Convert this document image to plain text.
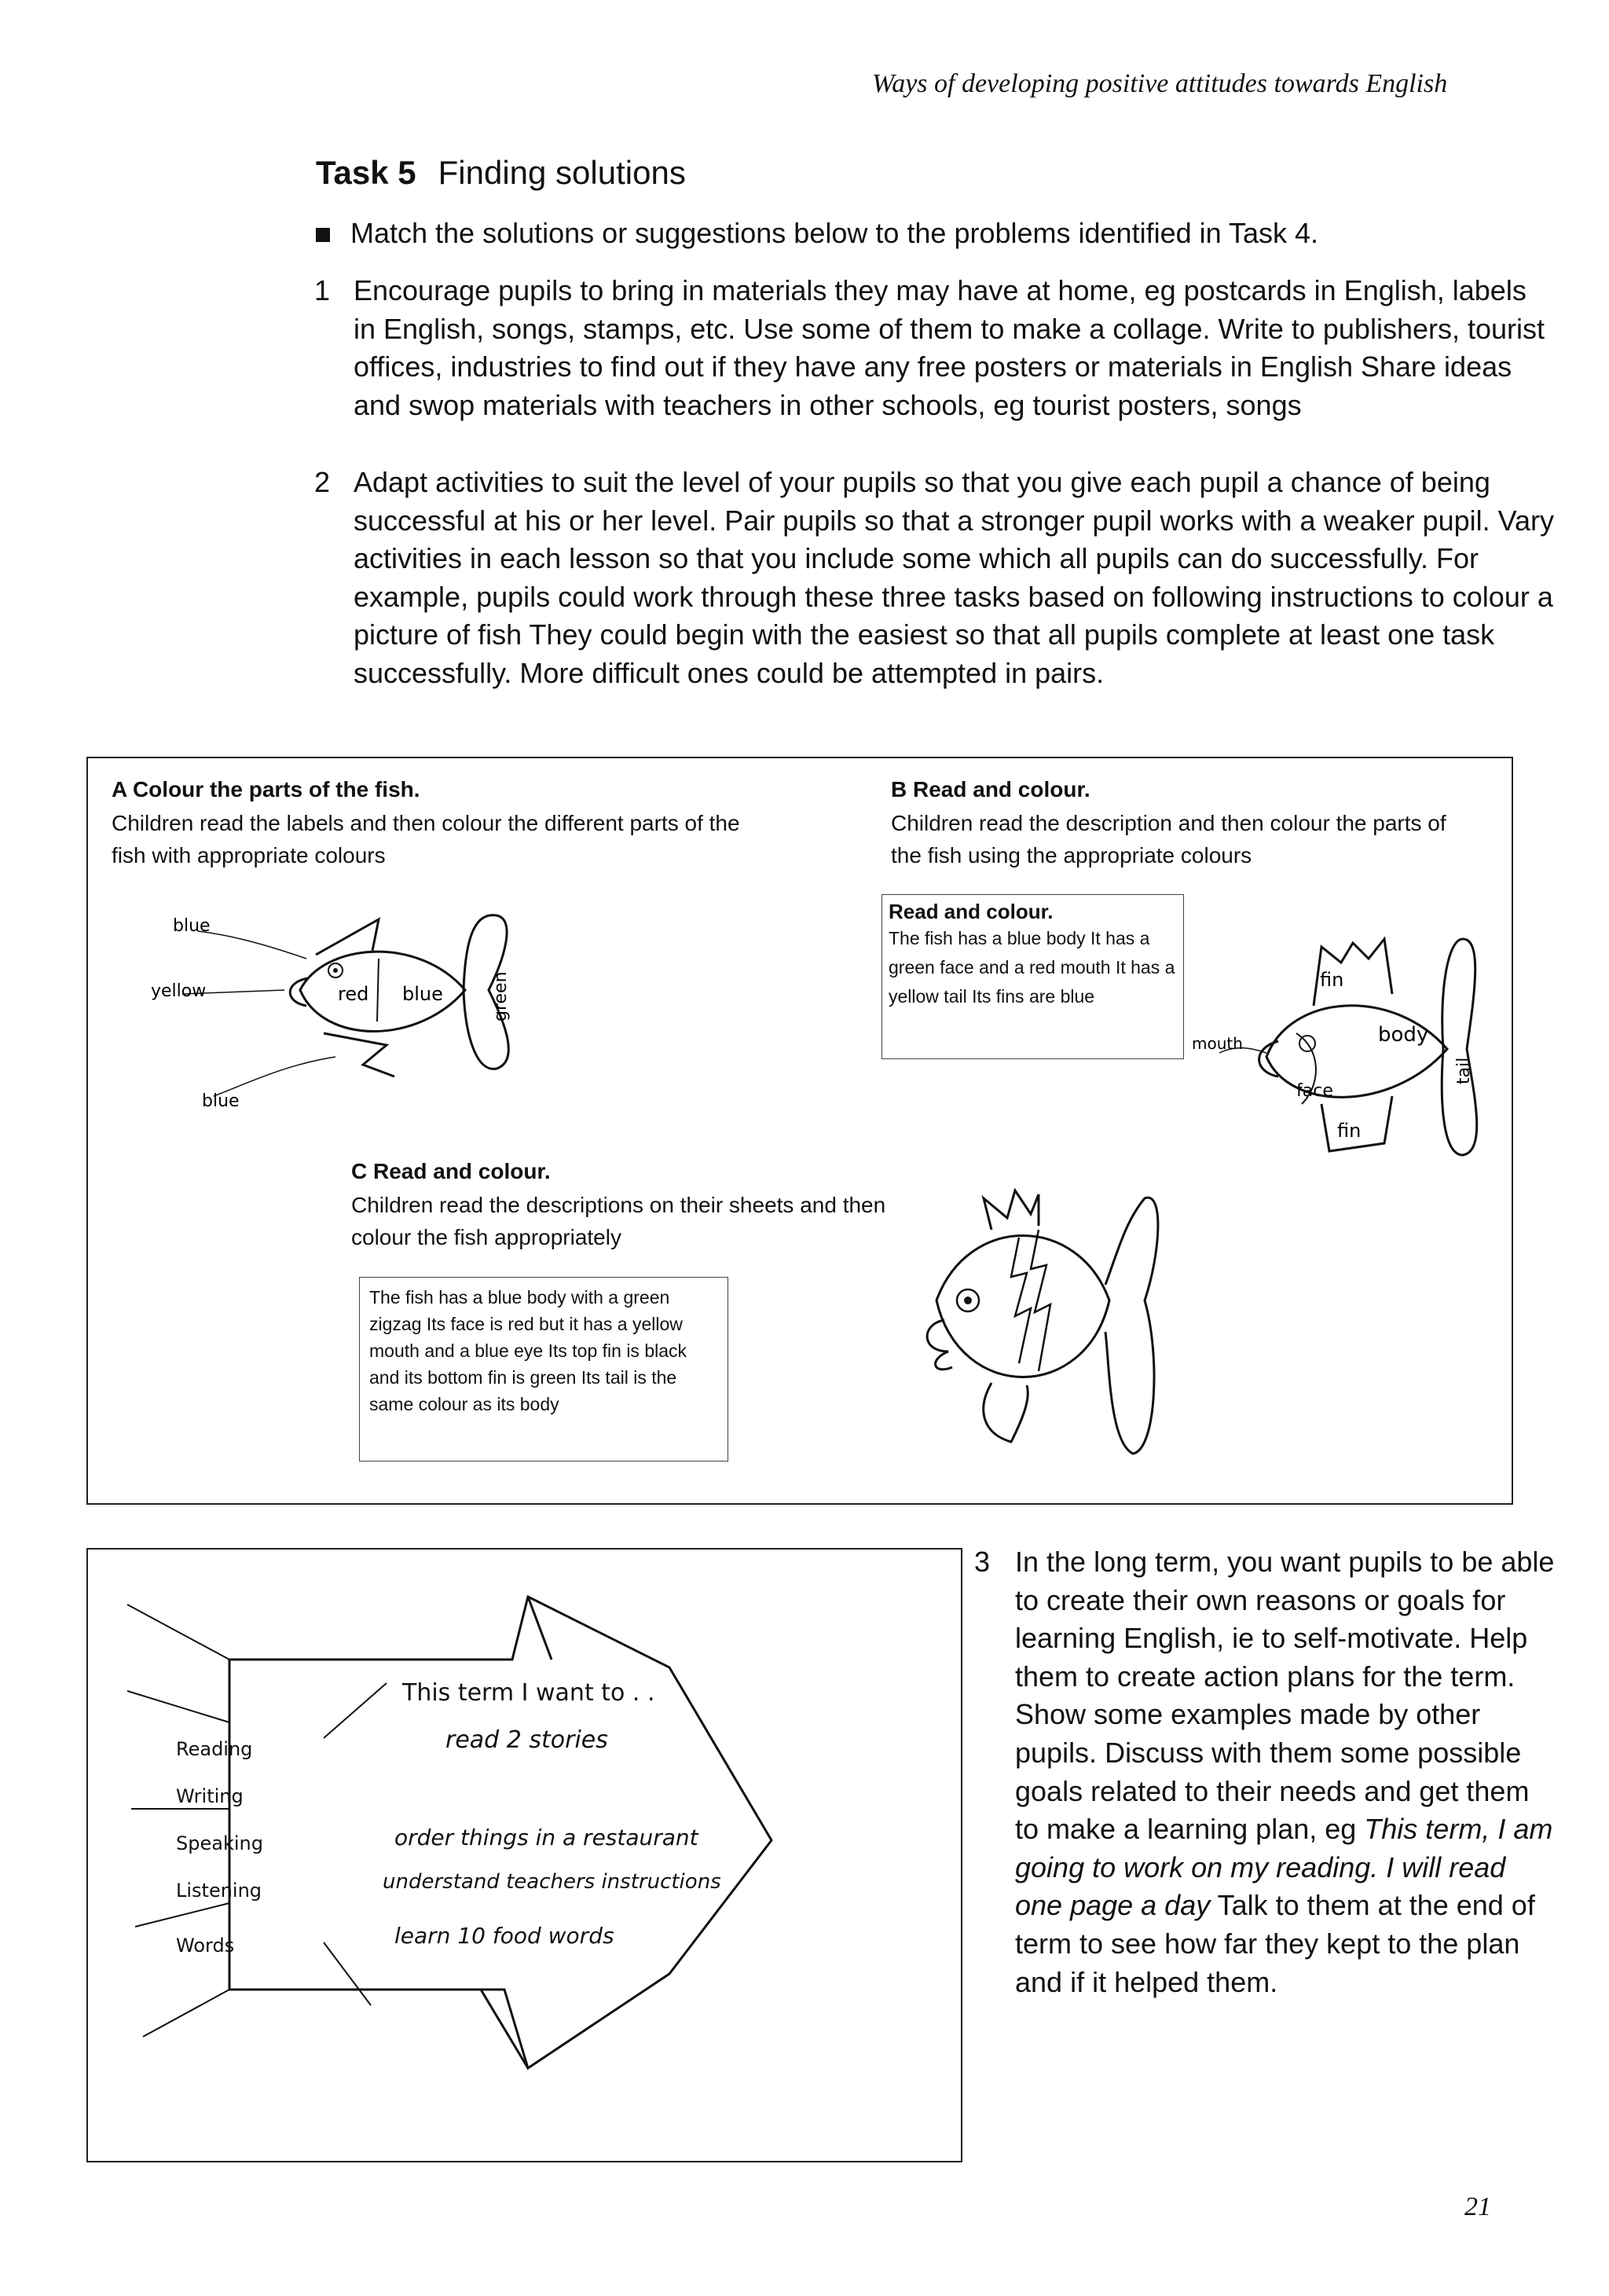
Ways of developing positive attitudes towards English
Task 5 Finding solutions
Match the solutions or suggestions below to the problems identified in Task 4.
1 Encourage pupils to bring in materials they may have at home, eg postcards in English, labels in English, songs, stamps, etc. Use some of them to make a collage. Write to publishers, tourist offices, industries to find out if they have any free posters or materials in English Share ideas and swop materials with teachers in other schools, eg tourist posters, songs
2 Adapt activities to suit the level of your pupils so that you give each pupil a chance of being successful at his or her level. Pair pupils so that a stronger pupil works with a weaker pupil. Vary activities in each lesson so that you include some which all pupils can do successfully. For example, pupils could work through these three tasks based on following instructions to colour a picture of fish They could begin with the easiest so that all pupils complete at least one task successfully. More difficult ones could be attempted in pairs.
A Colour the parts of the fish.
Children read the labels and then colour the different parts of the fish with appropriate colours
B Read and colour.
Children read the description and then colour the parts of the fish using the appropriate colours
blue
yellow	red blue	green
blue
Read and colour.
The fish has a blue body It has a green face and a red mouth It has a yellow tail Its fins are blue
fin
mouth	body
face
tail
fin
C Read and colour.
Children read the descriptions on their sheets and then colour the fish appropriately
The fish has a blue body with a green zigzag Its face is red but it has a yellow mouth and a blue eye Its top fin is black and its bottom fin is green Its tail is the same colour as its body
This term I want to . .
Reading
Writing
Speaking
Listening
Words
read 2 stories
order things in a restaurant
understand teachers instructions
learn 10 food words
3 In the long term, you want pupils to be able to create their own reasons or goals for learning English, ie to self-motivate. Help them to create action plans for the term. Show some examples made by other pupils. Discuss with them some possible goals related to their needs and get them to make a learning plan, eg This term, I am going to work on my reading. I will read one page a day Talk to them at the end of term to see how far they kept to the plan and if it helped them.
21
